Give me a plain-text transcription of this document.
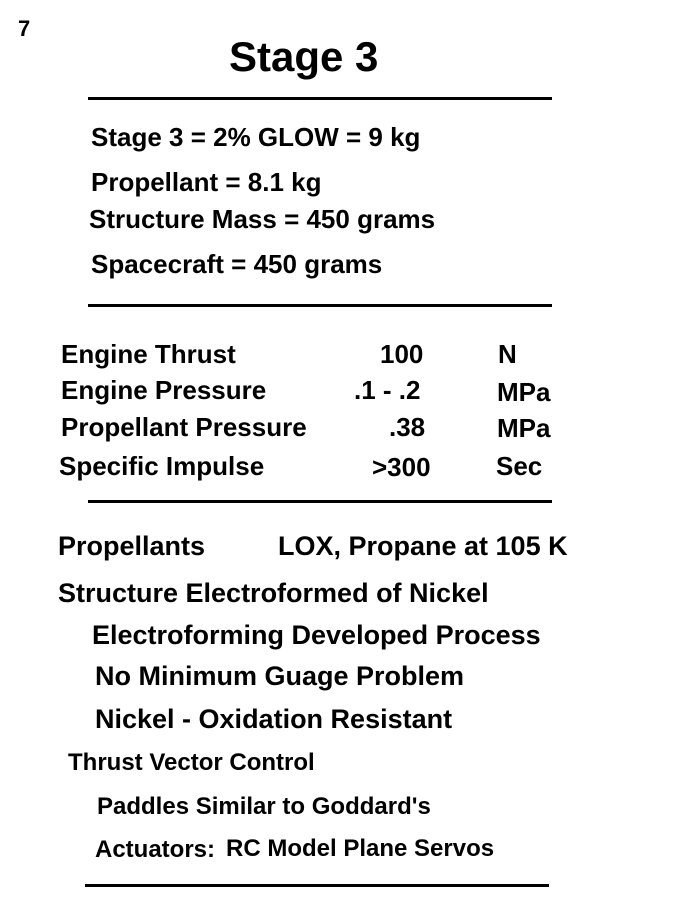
7
Stage 3
Stage 3 = 2% GLOW = 9 kg
Propellant = 8.1 kg
Structure Mass = 450 grams
Spacecraft = 450 grams
Engine Thrust	100	N
Engine Pressure	.1 - .2	MPa
Propellant Pressure	.38	MPa
Specific Impulse	>300	Sec
Propellants	LOX, Propane at 105 K
Structure Electroformed of Nickel
Electroforming Developed Process
No Minimum Guage Problem
Nickel - Oxidation Resistant
Thrust Vector Control
Paddles Similar to Goddard's
Actuators: RC Model Plane Servos
